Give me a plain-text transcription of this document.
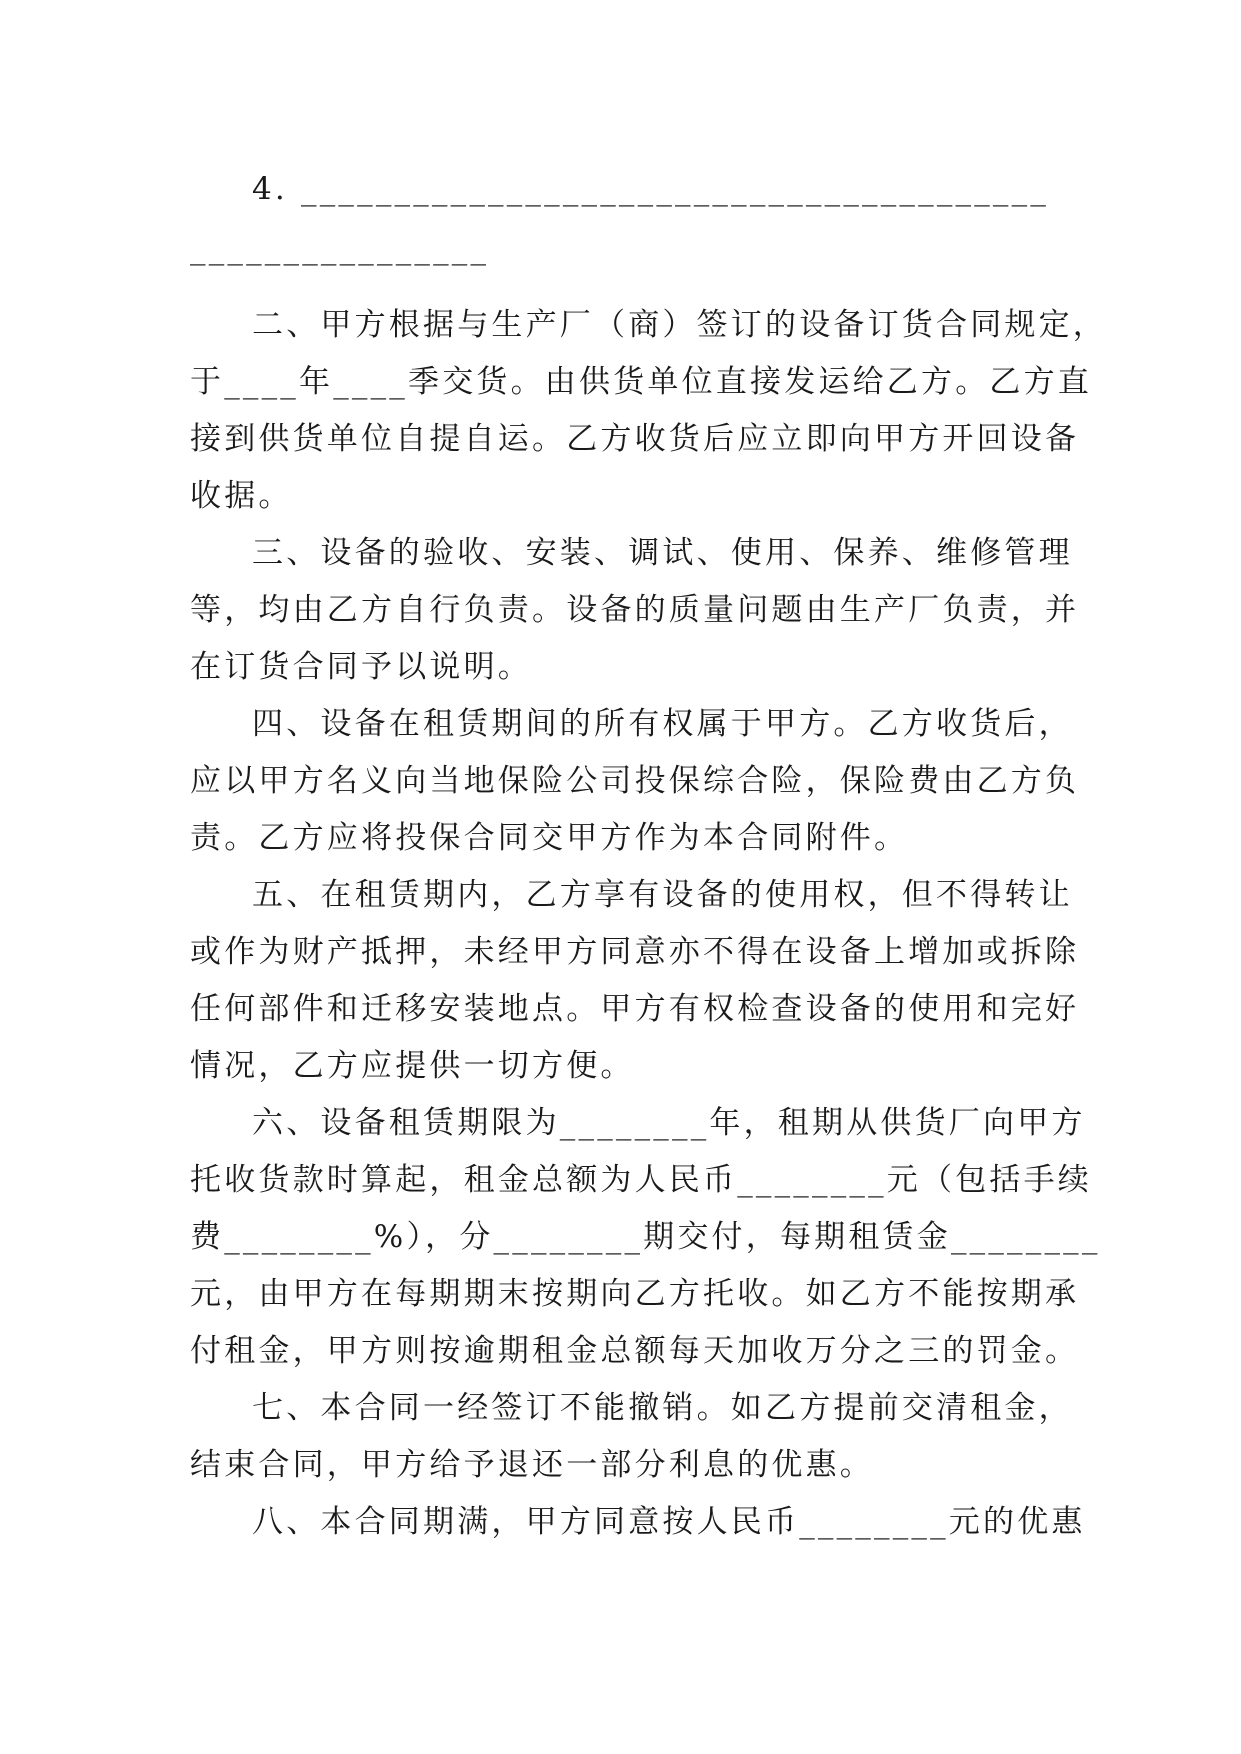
4. ________________________________________
________________
二、甲方根据与生产厂（商）签订的设备订货合同规定，
于____年____季交货。由供货单位直接发运给乙方。乙方直
接到供货单位自提自运。乙方收货后应立即向甲方开回设备
收据。
三、设备的验收、安装、调试、使用、保养、维修管理
等，均由乙方自行负责。设备的质量问题由生产厂负责，并
在订货合同予以说明。
四、设备在租赁期间的所有权属于甲方。乙方收货后，
应以甲方名义向当地保险公司投保综合险，保险费由乙方负
责。乙方应将投保合同交甲方作为本合同附件。
五、在租赁期内，乙方享有设备的使用权，但不得转让
或作为财产抵押，未经甲方同意亦不得在设备上增加或拆除
任何部件和迁移安装地点。甲方有权检查设备的使用和完好
情况，乙方应提供一切方便。
六、设备租赁期限为________年，租期从供货厂向甲方
托收货款时算起，租金总额为人民币________元（包括手续
费________%），分________期交付，每期租赁金________
元，由甲方在每期期末按期向乙方托收。如乙方不能按期承
付租金，甲方则按逾期租金总额每天加收万分之三的罚金。
七、本合同一经签订不能撤销。如乙方提前交清租金，
结束合同，甲方给予退还一部分利息的优惠。
八、本合同期满，甲方同意按人民币________元的优惠
